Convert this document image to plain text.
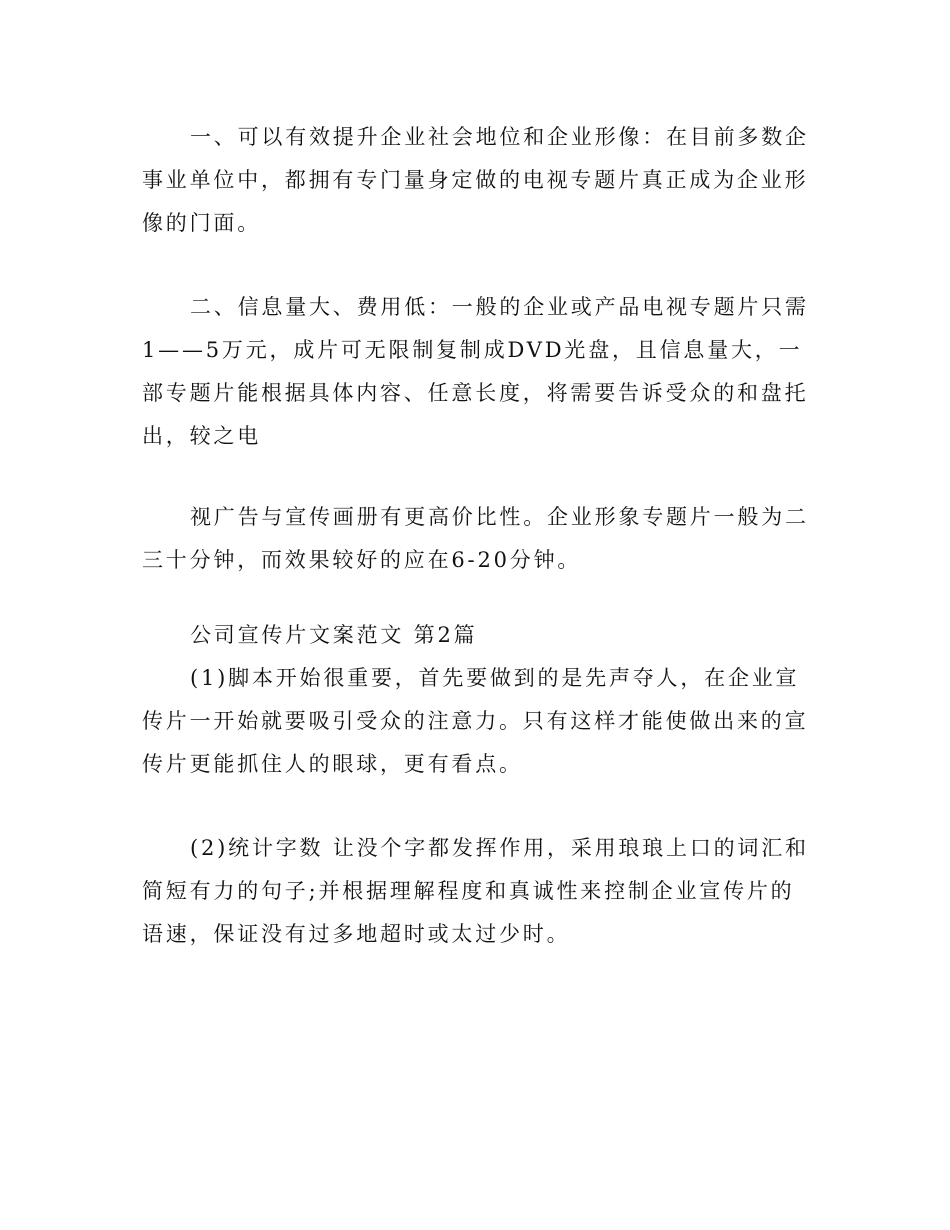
一、可以有效提升企业社会地位和企业形像：在目前多数企事业单位中，都拥有专门量身定做的电视专题片真正成为企业形像的门面。

二、信息量大、费用低：一般的企业或产品电视专题片只需1——5万元，成片可无限制复制成DVD光盘，且信息量大，一部专题片能根据具体内容、任意长度，将需要告诉受众的和盘托出，较之电

视广告与宣传画册有更高价比性。企业形象专题片一般为二三十分钟，而效果较好的应在6-20分钟。

公司宣传片文案范文 第2篇

(1)脚本开始很重要，首先要做到的是先声夺人，在企业宣传片一开始就要吸引受众的注意力。只有这样才能使做出来的宣传片更能抓住人的眼球，更有看点。

(2)统计字数 让没个字都发挥作用，采用琅琅上口的词汇和简短有力的句子;并根据理解程度和真诚性来控制企业宣传片的语速，保证没有过多地超时或太过少时。
